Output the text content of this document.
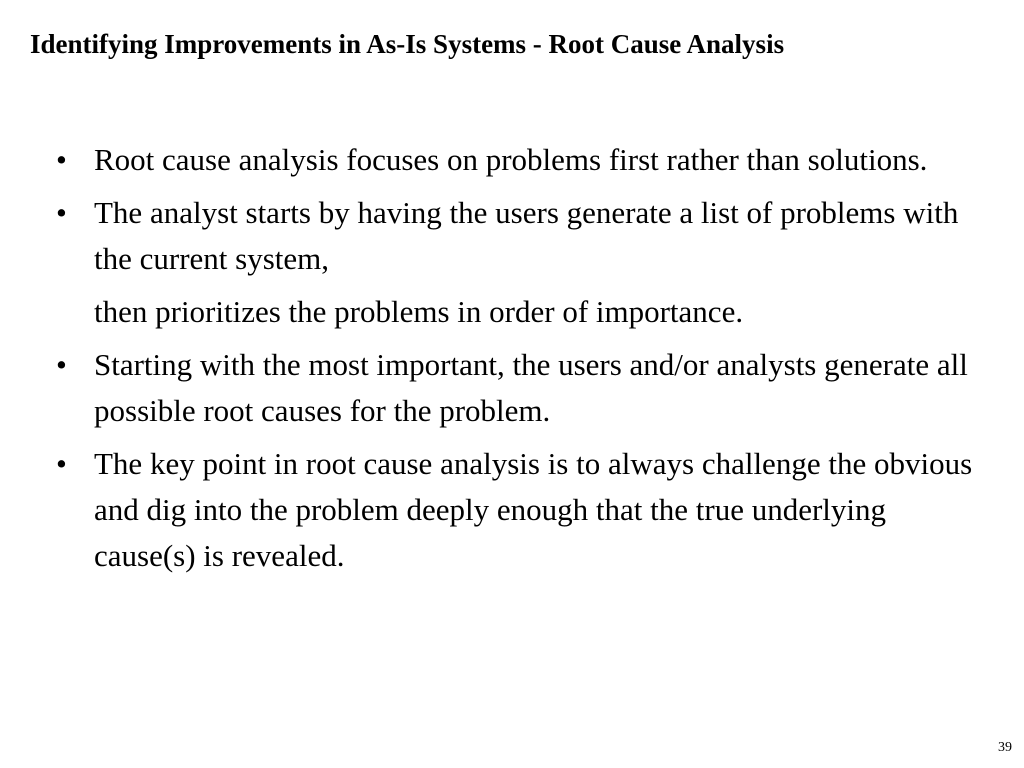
Identifying Improvements in As-Is Systems - Root Cause Analysis
• Root cause analysis focuses on problems first rather than solutions.
• The analyst starts by having the users generate a list of problems with the current system,
then prioritizes the problems in order of importance.
• Starting with the most important, the users and/or analysts generate all possible root causes for the problem.
• The key point in root cause analysis is to always challenge the obvious and dig into the problem deeply enough that the true underlying cause(s) is revealed.
39
